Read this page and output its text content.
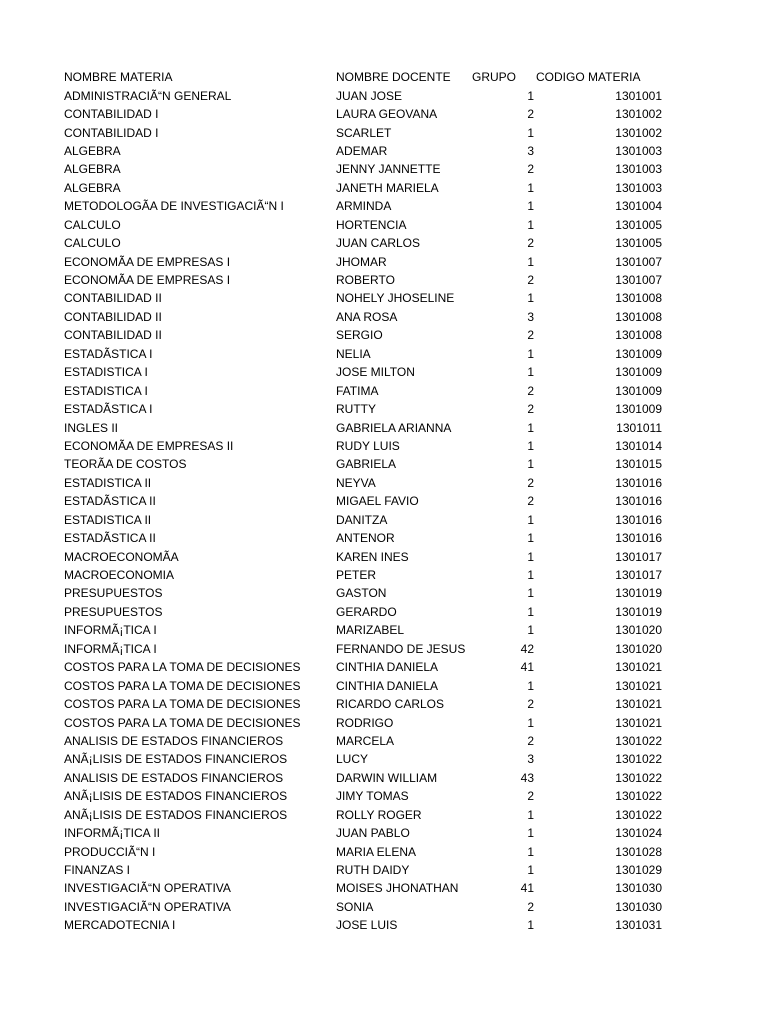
	NOMBRE MATERIA	NOMBRE DOCENTE	GRUPO	CODIGO MATERIA	
	ADMINISTRACIÃ“N GENERAL	JUAN JOSE	1	1301001	
	CONTABILIDAD I	LAURA GEOVANA	2	1301002	
	CONTABILIDAD I	SCARLET	1	1301002	
	ALGEBRA	ADEMAR	3	1301003	
	ALGEBRA	JENNY JANNETTE	2	1301003	
	ALGEBRA	JANETH MARIELA	1	1301003	
	METODOLOGÃA DE INVESTIGACIÃ“N I	ARMINDA	1	1301004	
	CALCULO	HORTENCIA	1	1301005	
	CALCULO	JUAN CARLOS	2	1301005	
	ECONOMÃA DE EMPRESAS I	JHOMAR	1	1301007	
	ECONOMÃA DE EMPRESAS I	ROBERTO	2	1301007	
	CONTABILIDAD II	NOHELY JHOSELINE	1	1301008	
	CONTABILIDAD II	ANA ROSA	3	1301008	
	CONTABILIDAD II	SERGIO	2	1301008	
	ESTADÃSTICA I	NELIA	1	1301009	
	ESTADISTICA I	JOSE MILTON	1	1301009	
	ESTADISTICA I	FATIMA	2	1301009	
	ESTADÃSTICA I	RUTTY	2	1301009	
	INGLES II	GABRIELA ARIANNA	1	1301011	
	ECONOMÃA DE EMPRESAS II	RUDY LUIS	1	1301014	
	TEORÃA DE COSTOS	GABRIELA	1	1301015	
	ESTADISTICA II	NEYVA	2	1301016	
	ESTADÃSTICA II	MIGAEL FAVIO	2	1301016	
	ESTADISTICA II	DANITZA	1	1301016	
	ESTADÃSTICA II	ANTENOR	1	1301016	
	MACROECONOMÃA	KAREN INES	1	1301017	
	MACROECONOMIA	PETER	1	1301017	
	PRESUPUESTOS	GASTON	1	1301019	
	PRESUPUESTOS	GERARDO	1	1301019	
	INFORMÃ¡TICA I	MARIZABEL	1	1301020	
	INFORMÃ¡TICA I	FERNANDO DE JESUS	42	1301020	
	COSTOS PARA LA TOMA DE DECISIONES	CINTHIA DANIELA	41	1301021	
	COSTOS PARA LA TOMA DE DECISIONES	CINTHIA DANIELA	1	1301021	
	COSTOS PARA LA TOMA DE DECISIONES	RICARDO CARLOS	2	1301021	
	COSTOS PARA LA TOMA DE DECISIONES	RODRIGO	1	1301021	
	ANALISIS DE ESTADOS FINANCIEROS	MARCELA	2	1301022	
	ANÃ¡LISIS DE ESTADOS FINANCIEROS	LUCY	3	1301022	
	ANALISIS DE ESTADOS FINANCIEROS	DARWIN WILLIAM	43	1301022	
	ANÃ¡LISIS DE ESTADOS FINANCIEROS	JIMY TOMAS	2	1301022	
	ANÃ¡LISIS DE ESTADOS FINANCIEROS	ROLLY ROGER	1	1301022	
	INFORMÃ¡TICA II	JUAN PABLO	1	1301024	
	PRODUCCIÃ“N I	MARIA ELENA	1	1301028	
	FINANZAS I	RUTH DAIDY	1	1301029	
	INVESTIGACIÃ“N OPERATIVA	MOISES JHONATHAN	41	1301030	
	INVESTIGACIÃ“N OPERATIVA	SONIA	2	1301030	
	MERCADOTECNIA I	JOSE LUIS	1	1301031	
